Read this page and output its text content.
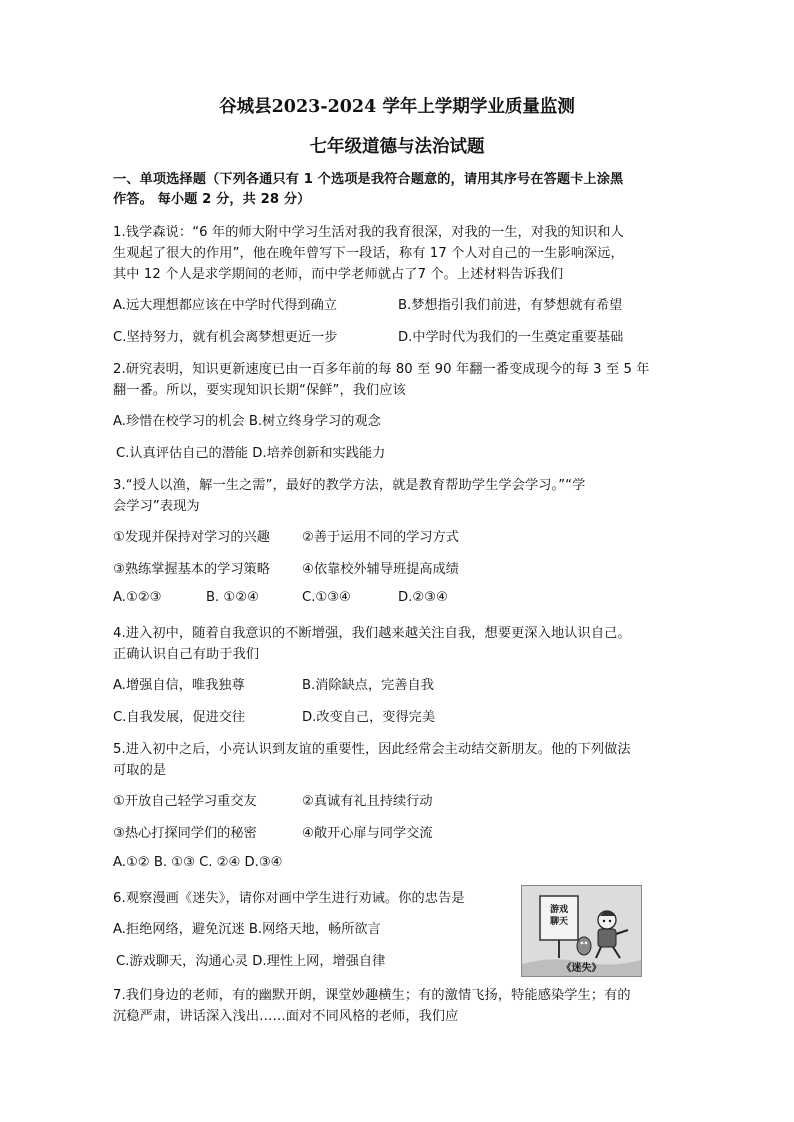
谷城县2023-2024 学年上学期学业质量监测
七年级道德与法治试题
一、单项选择题（下列各通只有 1 个选项是我符合题意的，请用其序号在答题卡上涂黑
作答。 每小题 2 分，共 28 分）
1.钱学森说：“6 年的师大附中学习生活对我的我育很深，对我的一生，对我的知识和人
生观起了很大的作用”，他在晚年曾写下一段话，称有 17 个人对自己的一生影响深远，
其中 12 个人是求学期间的老师，而中学老师就占了7 个。上述材料告诉我们
A.远大理想都应该在中学时代得到确立	B.梦想指引我们前进，有梦想就有希望
C.坚持努力，就有机会离梦想更近一步	D.中学时代为我们的一生奠定重要基础
2.研究表明，知识更新速度已由一百多年前的每 80 至 90 年翻一番变成现今的每 3 至 5 年
翻一番。所以，要实现知识长期“保鲜”，我们应该
A.珍惜在校学习的机会 B.树立终身学习的观念
C.认真评估自己的潜能 D.培养创新和实践能力
3.“授人以渔，解一生之需”，最好的教学方法，就是教育帮助学生学会学习。”“学
会学习”表现为
①发现并保持对学习的兴趣 ②善于运用不同的学习方式
③熟练掌握基本的学习策略 ④依靠校外辅导班提高成绩
A.①②③	B. ①②④	C.①③④	D.②③④
4.进入初中，随着自我意识的不断增强，我们越来越关注自我，想要更深入地认识自己。
正确认识自己有助于我们
A.增强自信，唯我独尊	B.消除缺点，完善自我
C.自我发展，促进交往	D.改变自己，变得完美
5.进入初中之后，小亮认识到友谊的重要性，因此经常会主动结交新朋友。他的下列做法
可取的是
①开放自己轻学习重交友	②真诚有礼且持续行动
③热心打探同学们的秘密	④敞开心扉与同学交流
A.①② B. ①③ C. ②④ D.③④
6.观察漫画《迷失》，请你对画中学生进行劝诫。你的忠告是
A.拒绝网络，避免沉迷 B.网络天地，畅所欲言
C.游戏聊天，沟通心灵 D.理性上网，增强自律
游戏
聊天
《迷失》
7.我们身边的老师，有的幽默开朗，课堂妙趣横生；有的激情飞扬，特能感染学生；有的
沉稳严肃，讲话深入浅出……面对不同风格的老师，我们应
